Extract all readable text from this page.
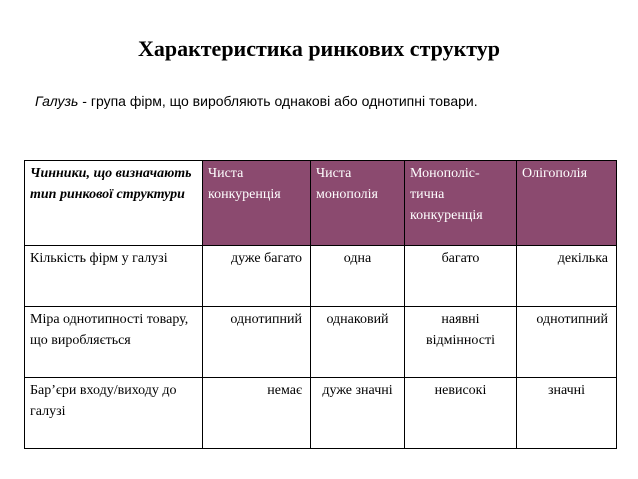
Характеристика ринкових структур
Галузь - група фірм, що виробляють однакові або однотипні товари.
Чинники, що визначають тип ринкової структури	Чиста конкуренція	Чиста монополія	Монополіс-тична конкуренція	Олігополія
Кількість фірм у галузі	дуже багато	одна	багато	декілька
Міра однотипності товару, що виробляється	однотипний	однаковий	наявні відмінності	однотипний
Бар’єри входу/виходу до галузі	немає	дуже значні	невисокі	значні
